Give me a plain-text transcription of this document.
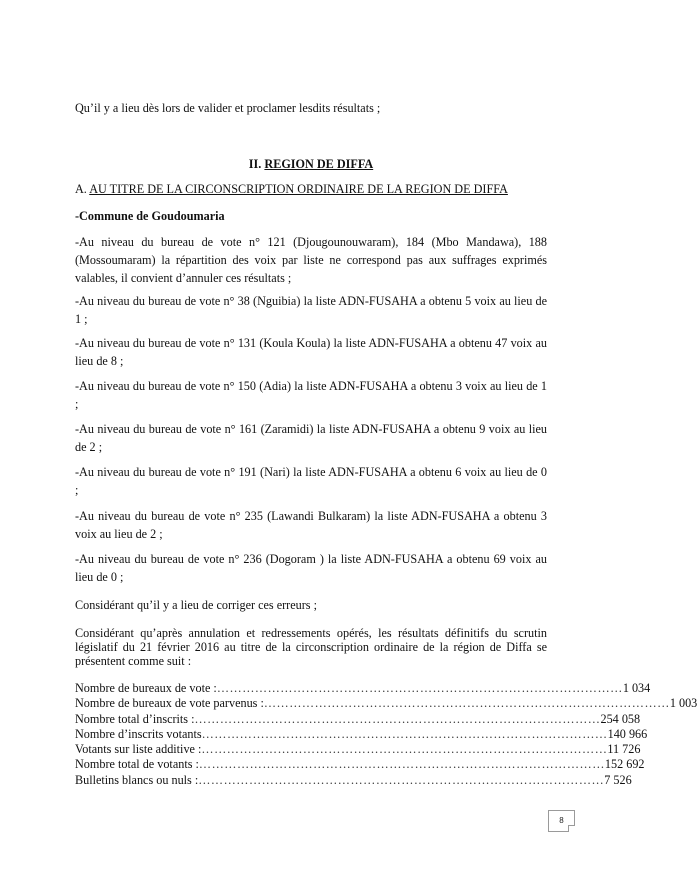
Qu’il y a lieu dès lors de valider et proclamer lesdits résultats ;

II. REGION DE DIFFA

A. AU TITRE DE LA CIRCONSCRIPTION ORDINAIRE DE LA REGION DE DIFFA

-Commune de Goudoumaria

-Au niveau du bureau de vote n° 121 (Djougounouwaram), 184 (Mbo Mandawa), 188 (Mossoumaram) la répartition des voix par liste ne correspond pas aux suffrages exprimés valables, il convient d’annuler ces résultats ;

-Au niveau du bureau de vote n° 38 (Nguibia) la liste ADN-FUSAHA a obtenu 5 voix au lieu de 1 ;

-Au niveau du bureau de vote n° 131 (Koula Koula) la liste ADN-FUSAHA a obtenu 47 voix au lieu de 8 ;

-Au niveau du bureau de vote n° 150 (Adia) la liste ADN-FUSAHA a obtenu 3 voix au lieu de 1 ;

-Au niveau du bureau de vote n° 161 (Zaramidi) la liste ADN-FUSAHA a obtenu 9 voix au lieu de 2 ;

-Au niveau du bureau de vote n° 191 (Nari) la liste ADN-FUSAHA a obtenu 6 voix au lieu de 0 ;

-Au niveau du bureau de vote n° 235 (Lawandi Bulkaram) la liste ADN-FUSAHA a obtenu 3 voix au lieu de 2 ;

-Au niveau du bureau de vote n° 236 (Dogoram ) la liste ADN-FUSAHA a obtenu 69 voix au lieu de 0 ;

Considérant qu’il y a lieu de corriger ces erreurs ;

Considérant qu’après annulation et redressements opérés, les résultats définitifs du scrutin législatif du 21 février 2016 au titre de la circonscription ordinaire de la région de Diffa se présentent comme suit :

Nombre de bureaux de vote : …………………………………………………………………………………… 1 034
Nombre de bureaux de vote parvenus : …………………………………………………………………………………… 1 003
Nombre total d’inscrits : …………………………………………………………………………………… 254 058
Nombre d’inscrits votants …………………………………………………………………………………… 140 966
Votants sur liste additive : …………………………………………………………………………………… 11 726
Nombre total de votants : …………………………………………………………………………………… 152 692
Bulletins blancs ou nuls : …………………………………………………………………………………… 7 526
8
